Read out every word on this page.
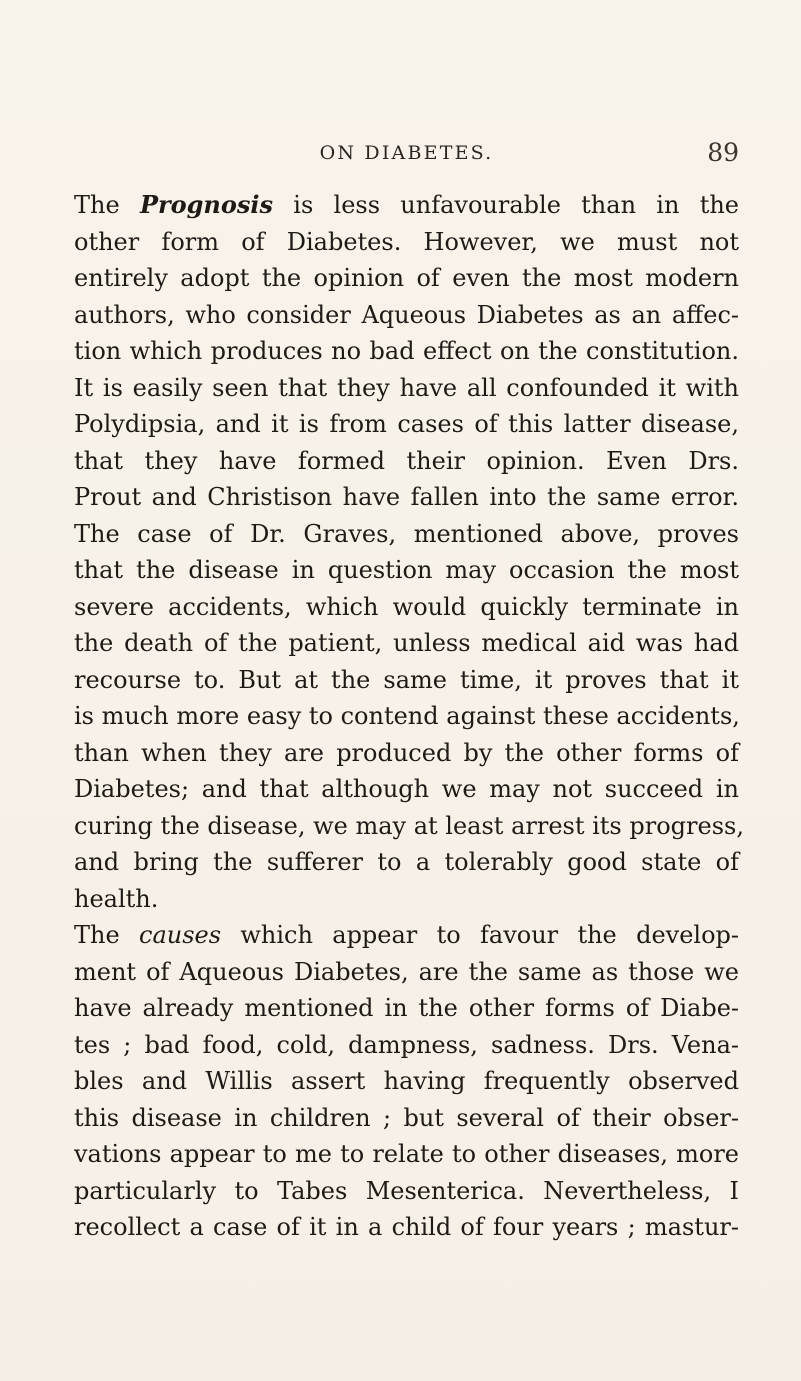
ON DIABETES.	89
The Prognosis is less unfavourable than in the
other form of Diabetes. However, we must not
entirely adopt the opinion of even the most modern
authors, who consider Aqueous Diabetes as an affec-
tion which produces no bad effect on the constitution.
It is easily seen that they have all confounded it with
Polydipsia, and it is from cases of this latter disease,
that they have formed their opinion. Even Drs.
Prout and Christison have fallen into the same error.
The case of Dr. Graves, mentioned above, proves
that the disease in question may occasion the most
severe accidents, which would quickly terminate in
the death of the patient, unless medical aid was had
recourse to. But at the same time, it proves that it
is much more easy to contend against these accidents,
than when they are produced by the other forms of
Diabetes; and that although we may not succeed in
curing the disease, we may at least arrest its progress,
and bring the sufferer to a tolerably good state of
health.
The causes which appear to favour the develop-
ment of Aqueous Diabetes, are the same as those we
have already mentioned in the other forms of Diabe-
tes ; bad food, cold, dampness, sadness. Drs. Vena-
bles and Willis assert having frequently observed
this disease in children ; but several of their obser-
vations appear to me to relate to other diseases, more
particularly to Tabes Mesenterica. Nevertheless, I
recollect a case of it in a child of four years ; mastur-
